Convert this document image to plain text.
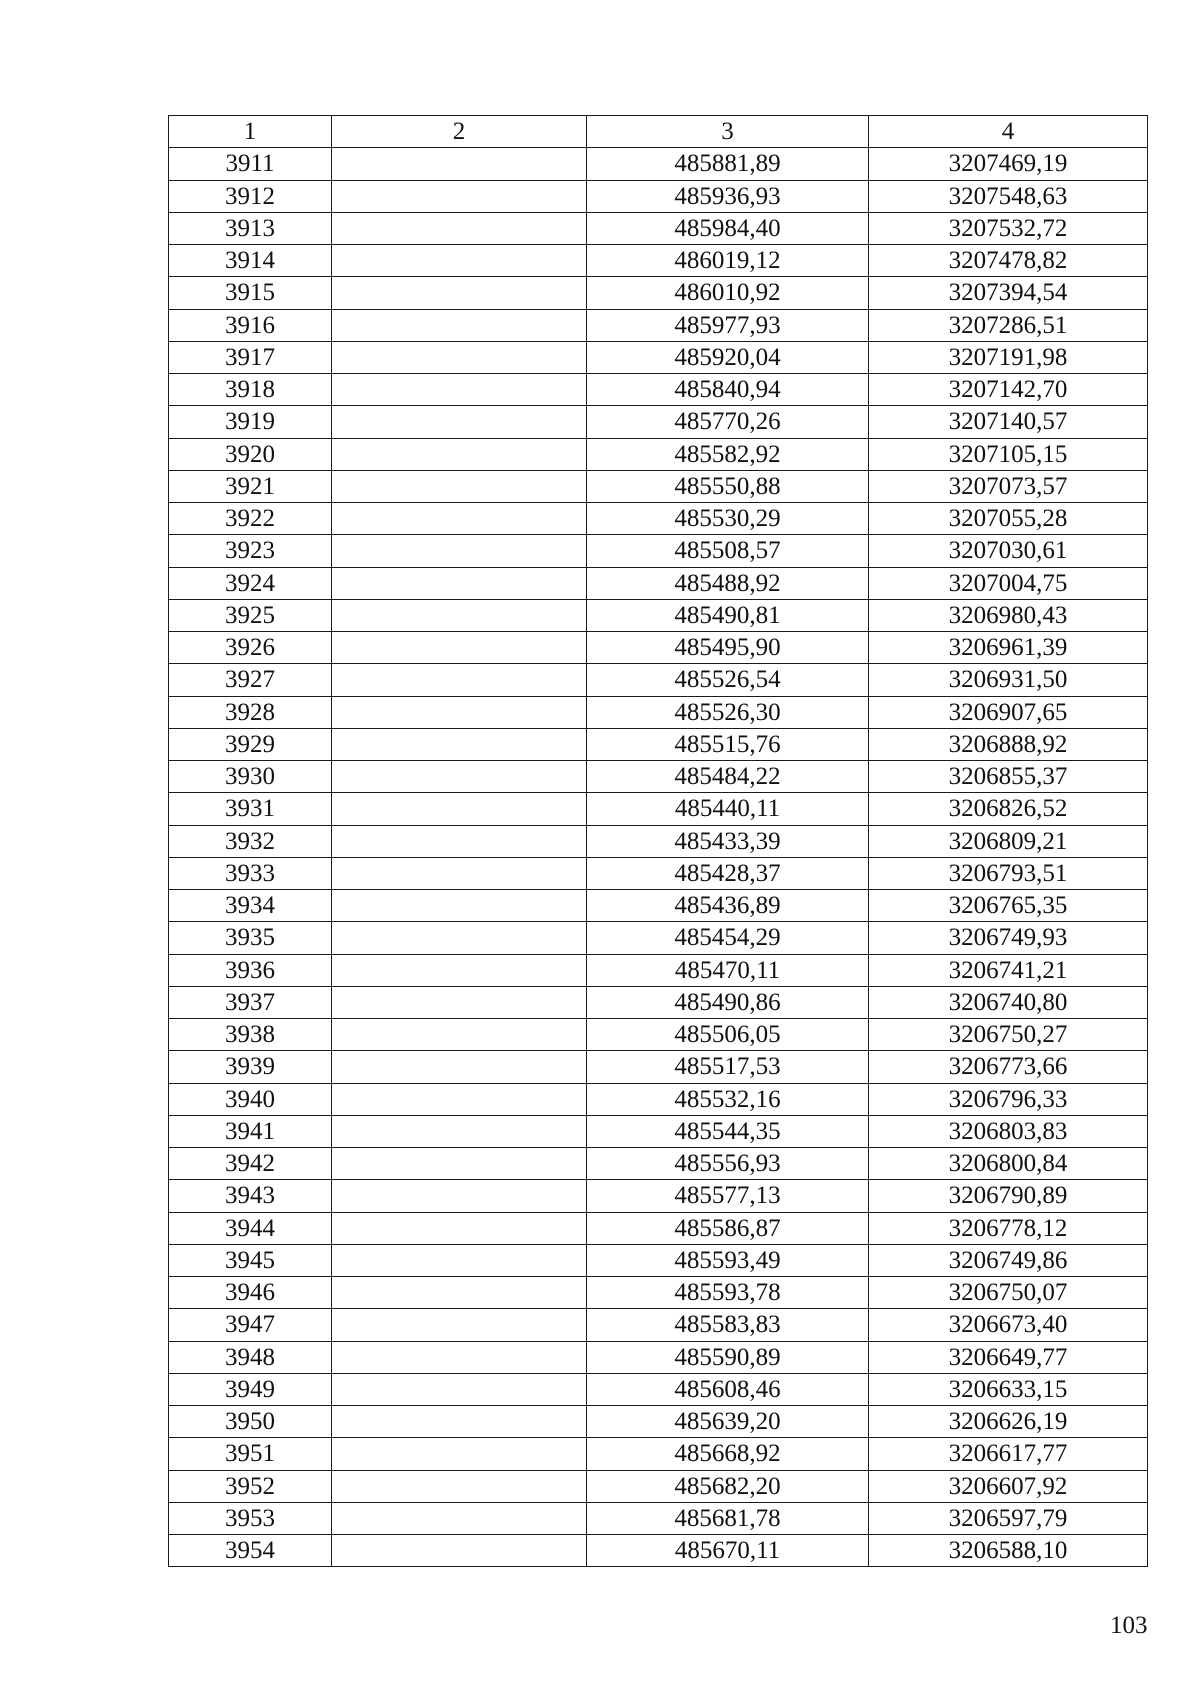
1	2	3	4
3911		485881,89	3207469,19
3912		485936,93	3207548,63
3913		485984,40	3207532,72
3914		486019,12	3207478,82
3915		486010,92	3207394,54
3916		485977,93	3207286,51
3917		485920,04	3207191,98
3918		485840,94	3207142,70
3919		485770,26	3207140,57
3920		485582,92	3207105,15
3921		485550,88	3207073,57
3922		485530,29	3207055,28
3923		485508,57	3207030,61
3924		485488,92	3207004,75
3925		485490,81	3206980,43
3926		485495,90	3206961,39
3927		485526,54	3206931,50
3928		485526,30	3206907,65
3929		485515,76	3206888,92
3930		485484,22	3206855,37
3931		485440,11	3206826,52
3932		485433,39	3206809,21
3933		485428,37	3206793,51
3934		485436,89	3206765,35
3935		485454,29	3206749,93
3936		485470,11	3206741,21
3937		485490,86	3206740,80
3938		485506,05	3206750,27
3939		485517,53	3206773,66
3940		485532,16	3206796,33
3941		485544,35	3206803,83
3942		485556,93	3206800,84
3943		485577,13	3206790,89
3944		485586,87	3206778,12
3945		485593,49	3206749,86
3946		485593,78	3206750,07
3947		485583,83	3206673,40
3948		485590,89	3206649,77
3949		485608,46	3206633,15
3950		485639,20	3206626,19
3951		485668,92	3206617,77
3952		485682,20	3206607,92
3953		485681,78	3206597,79
3954		485670,11	3206588,10
103
